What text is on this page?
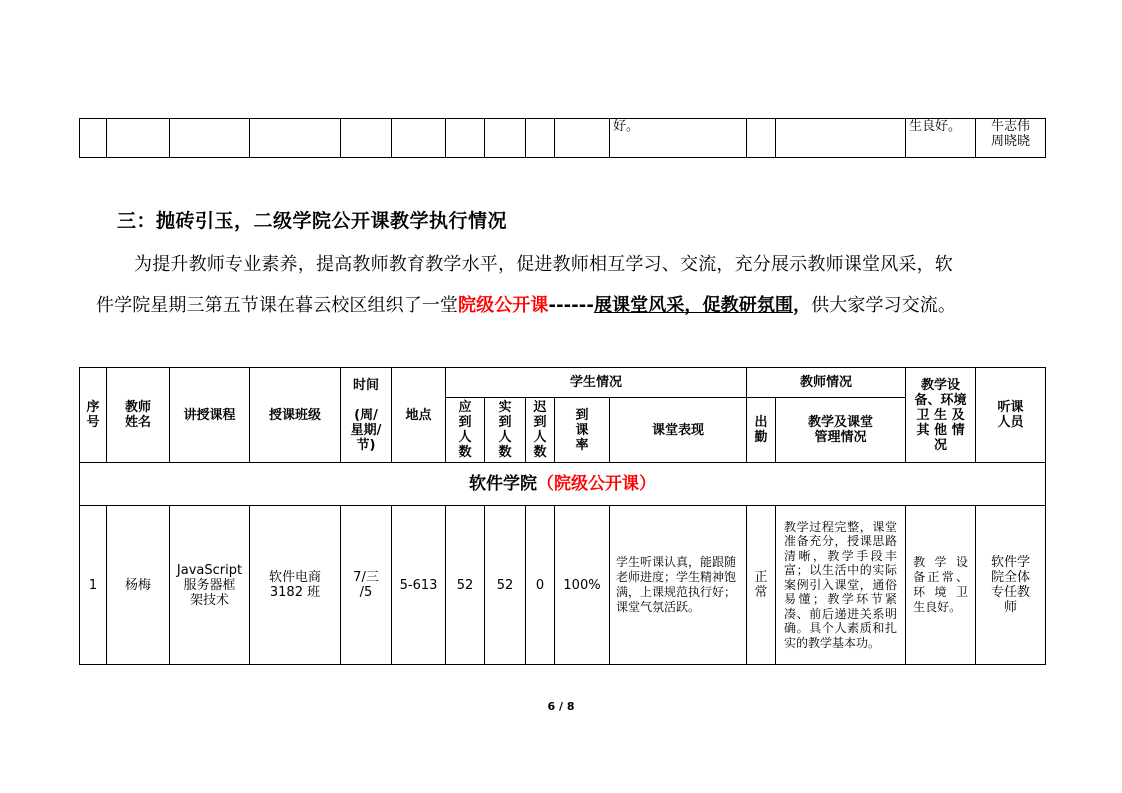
										好。			生良好。	牛志伟
周晓晓
三：抛砖引玉，二级学院公开课教学执行情况

为提升教师专业素养，提高教师教育教学水平，促进教师相互学习、交流，充分展示教师课堂风采，软

件学院星期三第五节课在暮云校区组织了一堂院级公开课------展课堂风采，促教研氛围，供大家学习交流。

序
号	教师
姓名	讲授课程	授课班级	时间

(周/
星期/
节)	地点	学生情况					教师情况		教学设
备、环境
卫 生 及
其 他 情
况	听课
人员
						应
到
人
数	实
到
人
数	迟
到
人
数	到
课
率	课堂表现	出
勤	教学及课堂
管理情况		
软件学院（院级公开课）														
1	杨梅	JavaScript
服务器框
架技术	软件电商
3182 班	7/三
/5	5-613	52	52	0	100%	学生听课认真，能跟随老师进度；学生精神饱满，上课规范执行好；课堂气氛活跃。	正
常	教学过程完整，课堂准备充分，授课思路清晰，教学手段丰富；以生活中的实际案例引入课堂，通俗易懂；教学环节紧凑、前后递进关系明确。具个人素质和扎实的教学基本功。	教 学 设备正常、环 境 卫生良好。	软件学
院全体
专任教
师
6 / 8
